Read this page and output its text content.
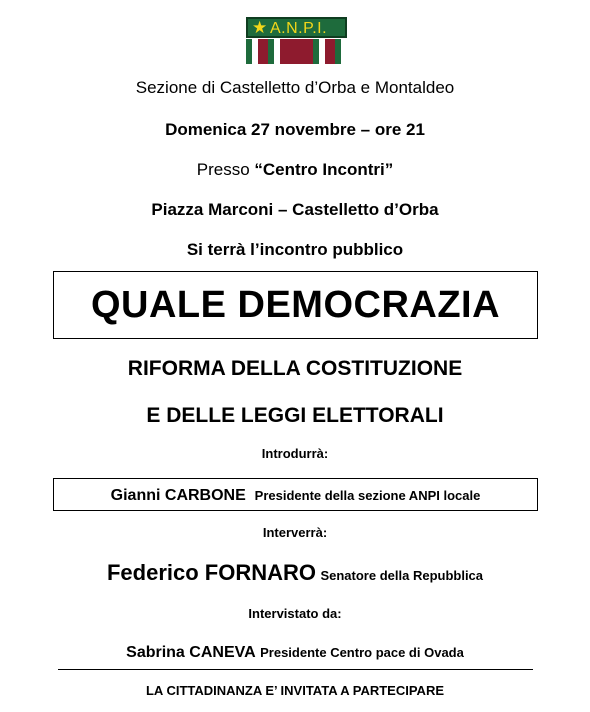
★ A.N.P.I.
Sezione di Castelletto d’Orba e Montaldeo
Domenica 27 novembre – ore 21
Presso “Centro Incontri”
Piazza Marconi – Castelletto d’Orba
Si terrà l’incontro pubblico
QUALE DEMOCRAZIA
RIFORMA DELLA COSTITUZIONE
E DELLE LEGGI ELETTORALI
Introdurrà:
Gianni CARBONE Presidente della sezione ANPI locale
Interverrà:
Federico FORNARO Senatore della Repubblica
Intervistato da:
Sabrina CANEVA Presidente Centro pace di Ovada
LA CITTADINANZA E’ INVITATA A PARTECIPARE
